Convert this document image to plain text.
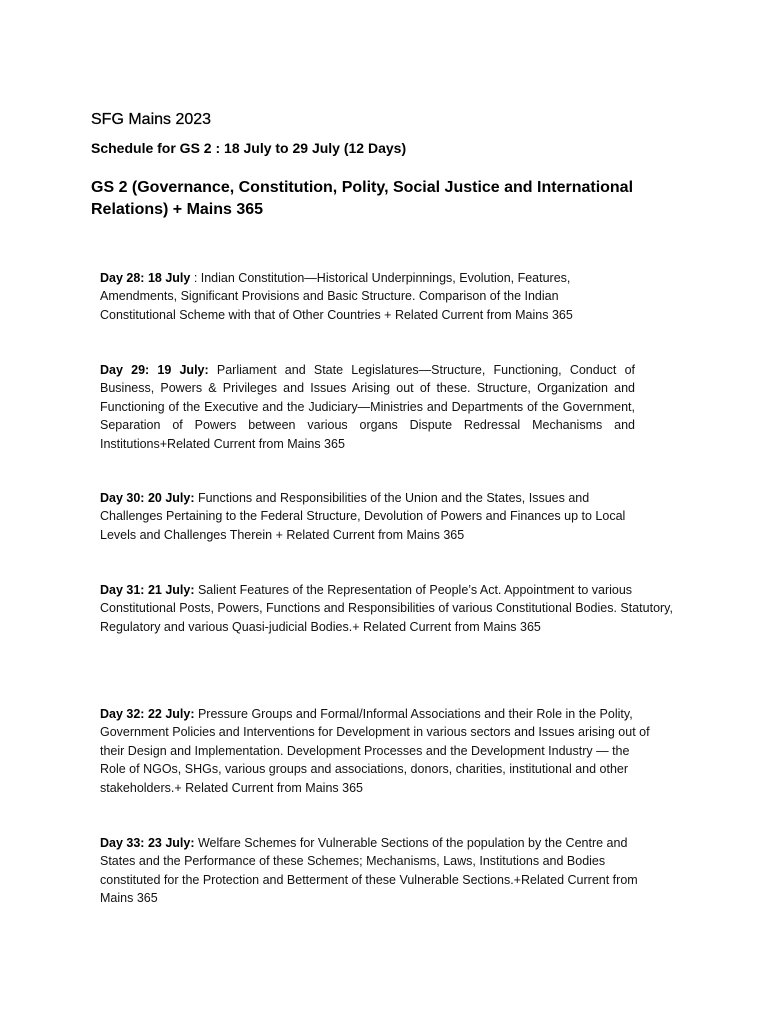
SFG Mains 2023
Schedule for GS 2 : 18 July to 29 July (12 Days)
GS 2 (Governance, Constitution, Polity, Social Justice and International Relations) + Mains 365

Day 28: 18 July : Indian Constitution—Historical Underpinnings, Evolution, Features, Amendments, Significant Provisions and Basic Structure. Comparison of the Indian Constitutional Scheme with that of Other Countries + Related Current from Mains 365

Day 29: 19 July: Parliament and State Legislatures—Structure, Functioning, Conduct of Business, Powers & Privileges and Issues Arising out of these. Structure, Organization and Functioning of the Executive and the Judiciary—Ministries and Departments of the Government, Separation of Powers between various organs Dispute Redressal Mechanisms and Institutions+Related Current from Mains 365

Day 30: 20 July: Functions and Responsibilities of the Union and the States, Issues and Challenges Pertaining to the Federal Structure, Devolution of Powers and Finances up to Local Levels and Challenges Therein + Related Current from Mains 365

Day 31: 21 July: Salient Features of the Representation of People’s Act. Appointment to various Constitutional Posts, Powers, Functions and Responsibilities of various Constitutional Bodies. Statutory, Regulatory and various Quasi-judicial Bodies.+ Related Current from Mains 365

Day 32: 22 July: Pressure Groups and Formal/Informal Associations and their Role in the Polity, Government Policies and Interventions for Development in various sectors and Issues arising out of their Design and Implementation. Development Processes and the Development Industry — the Role of NGOs, SHGs, various groups and associations, donors, charities, institutional and other stakeholders.+ Related Current from Mains 365

Day 33: 23 July: Welfare Schemes for Vulnerable Sections of the population by the Centre and States and the Performance of these Schemes; Mechanisms, Laws, Institutions and Bodies constituted for the Protection and Betterment of these Vulnerable Sections.+Related Current from Mains 365
